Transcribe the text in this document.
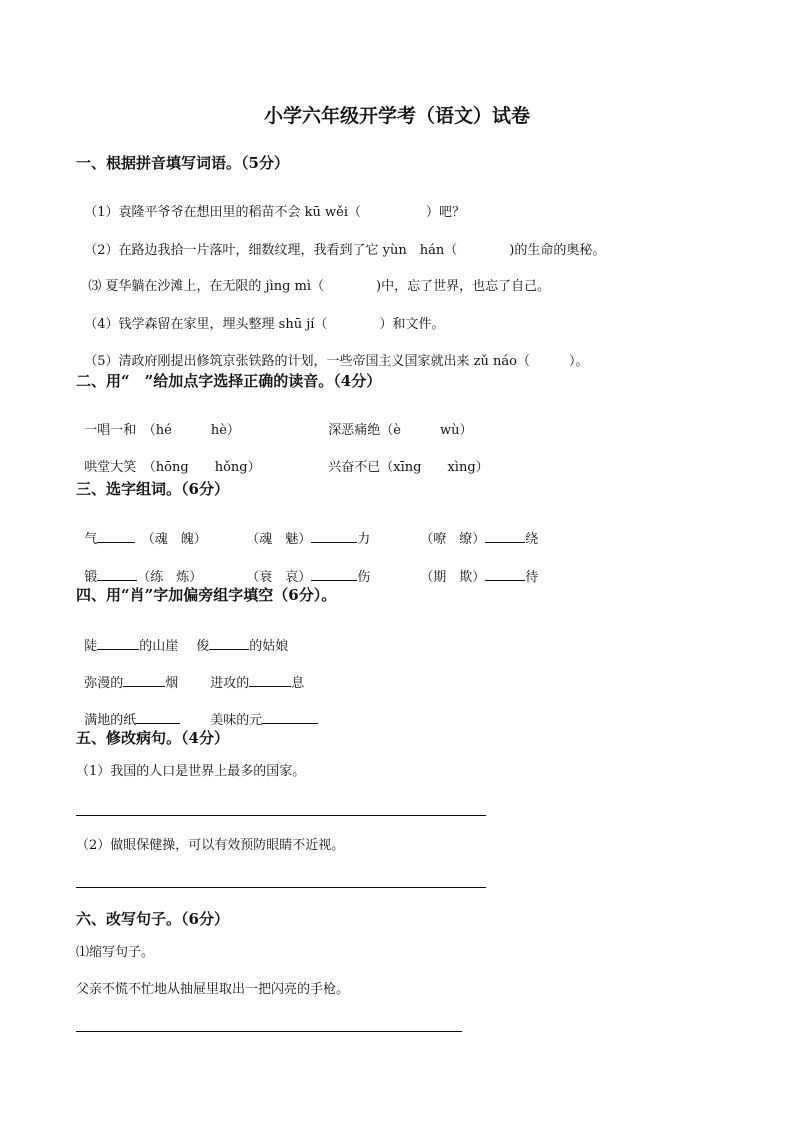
小学六年级开学考（语文）试卷
一、根据拼音填写词语。（5分）

（1）袁隆平爷爷在想田里的稻苗不会 kū wěi（　　　　　	）吧？

（2）在路边我拾一片落叶，细数纹理，我看到了它 yùn　hán（　　　　	)的生命的奥秘。

⑶ 夏华躺在沙滩上，在无限的 jìng mì（　　　　	)中，忘了世界，也忘了自己。

（4）钱学森留在家里，埋头整理 shū jí（　　　　	）和文件。

（5）清政府刚提出修筑京张铁路的计划，一些帝国主义国家就出来 zǔ náo（　　　	）。

二、用“　”给加点字选择正确的读音。（4分）

一唱一和　 （hé　　　hè）	深恶痛绝（è　　　wù）

哄堂大笑　 （hōng　　hǒng）	兴奋不已（xīng　　xìng）

三、选字组词。（6分）

气　	（魂　魄）	（魂　魅）	力	（嘹　缭）	绕

锻	（练　炼）	（衰　哀）	伤	（期　欺）	待

四、用“肖”字加偏旁组字填空（6分）。

陡	的山崖	俊	的姑娘

弥漫的	烟	进攻的	息

满地的纸	美味的元

五、修改病句。（4分）
（1）我国的人口是世界上最多的国家。
（2）做眼保健操，可以有效预防眼睛不近视。
六、改写句子。（6分）
⑴缩写句子。
父亲不慌不忙地从抽屉里取出一把闪亮的手枪。
